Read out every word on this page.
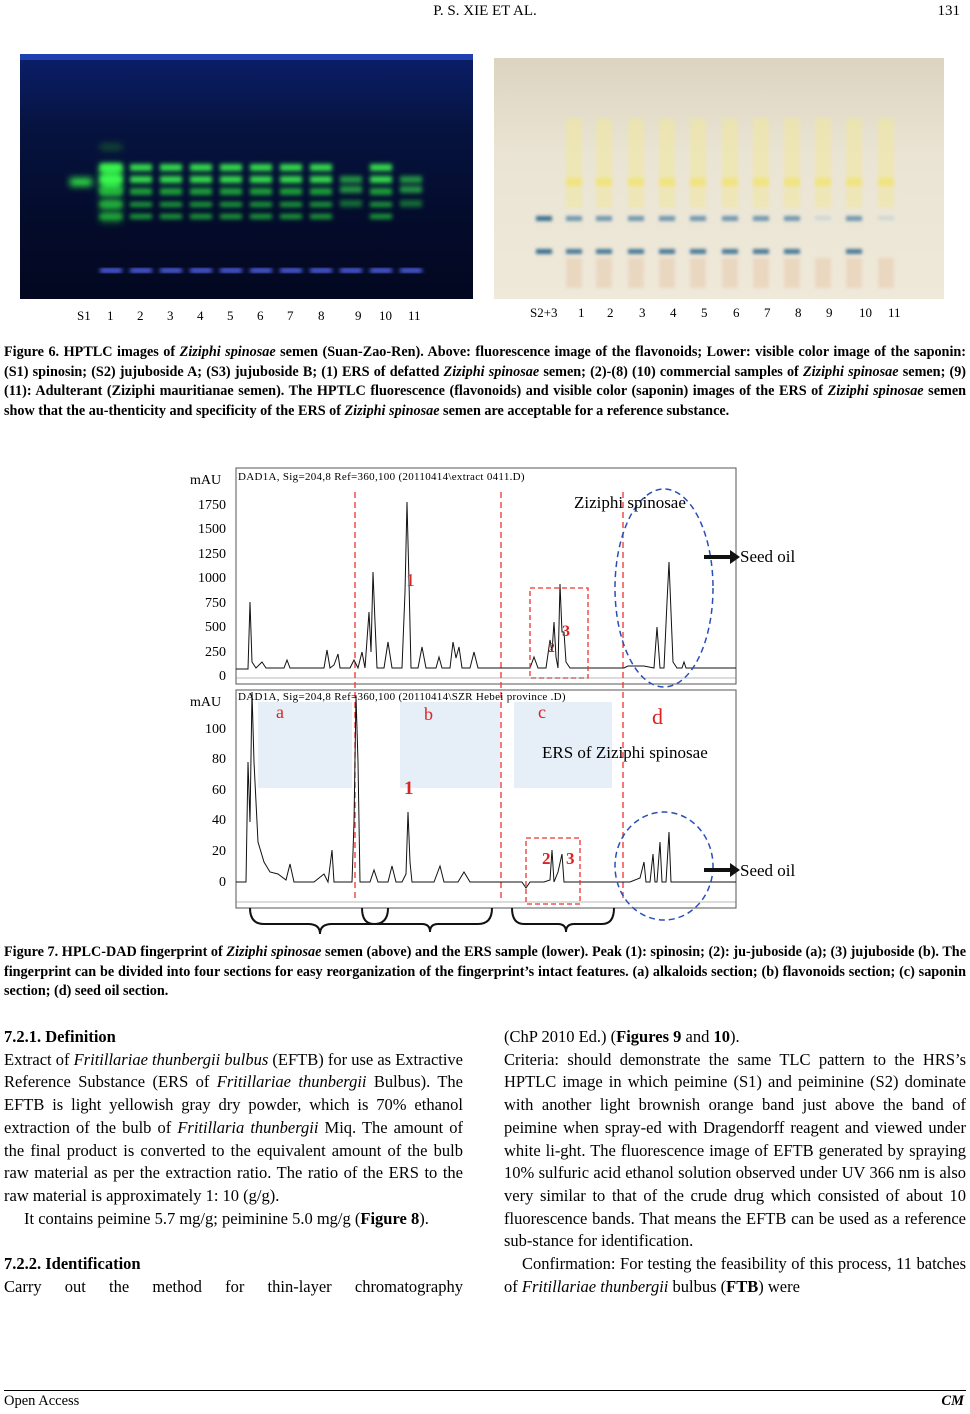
P. S. XIE ET AL.	131
S1 1 2 3 4 5 6 7 8 9 10 11	S2+3 1 2 3 4 5 6 7 8 9 10 11
Figure 6. HPTLC images of Ziziphi spinosae semen (Suan-Zao-Ren). Above: fluorescence image of the flavonoids; Lower: visible color image of the saponin: (S1) spinosin; (S2) jujuboside A; (S3) jujuboside B; (1) ERS of defatted Ziziphi spinosae semen; (2)-(8) (10) commercial samples of Ziziphi spinosae semen; (9) (11): Adulterant (Ziziphi mauritianae semen). The HPTLC fluorescence (flavonoids) and visible color (saponin) images of the ERS of Ziziphi spinosae semen show that the au-thenticity and specificity of the ERS of Ziziphi spinosae semen are acceptable for a reference substance.
mAU DAD1A, Sig=204,8 Ref=360,100 (20110414\extract 0411.D)
Ziziphi spinosae
1750
1500
1250
1000
750
500
250
0
1
2
3
Seed oil
mAU DAD1A, Sig=204,8 Ref=360,100 (20110414\SZR Hebei province .D)
ERS of Ziziphi spinosae
100
80
60
40
20
0
a	b	c	d
1
2 3
Seed oil
Figure 7. HPLC-DAD fingerprint of Ziziphi spinosae semen (above) and the ERS sample (lower). Peak (1): spinosin; (2): ju-juboside (a); (3) jujuboside (b). The fingerprint can be divided into four sections for easy reorganization of the fingerprint’s intact features. (a) alkaloids section; (b) flavonoids section; (c) saponin section; (d) seed oil section.

7.2.1. Definition

Extract of Fritillariae thunbergii bulbus (EFTB) for use as Extractive Reference Substance (ERS of Fritillariae thunbergii Bulbus). The EFTB is light yellowish gray dry powder, which is 70% ethanol extraction of the bulb of Fritillaria thunbergii Miq. The amount of the final product is converted to the equivalent amount of the bulb raw material as per the extraction ratio. The ratio of the ERS to the raw material is approximately 1: 10 (g/g).

It contains peimine 5.7 mg/g; peiminine 5.0 mg/g (Figure 8).

7.2.2. Identification

Carry out the method for thin-layer chromatography

(ChP 2010 Ed.) (Figures 9 and 10).

Criteria: should demonstrate the same TLC pattern to the HRS’s HPTLC image in which peimine (S1) and peiminine (S2) dominate with another light brownish orange band just above the band of peimine when spray-ed with Dragendorff reagent and viewed under white li-ght. The fluorescence image of EFTB generated by spraying 10% sulfuric acid ethanol solution observed under UV 366 nm is also very similar to that of the crude drug which consisted of about 10 fluorescence bands. That means the EFTB can be used as a reference sub-stance for identification.

Confirmation: For testing the feasibility of this process, 11 batches of Fritillariae thunbergii bulbus (FTB) were

Open Access	CM
